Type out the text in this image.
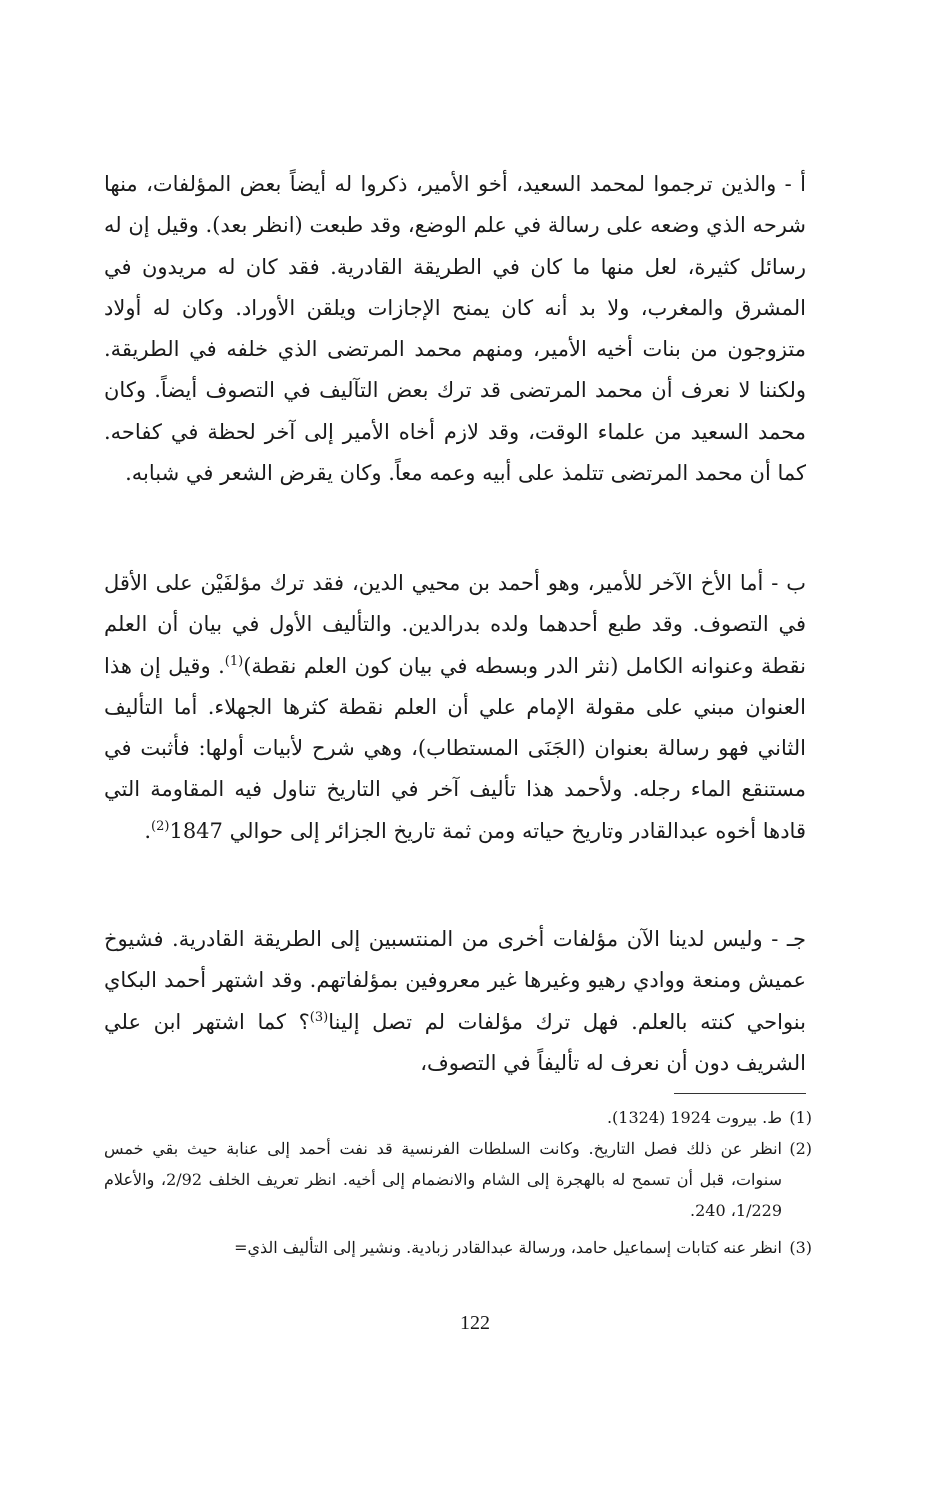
أ - والذين ترجموا لمحمد السعيد، أخو الأمير، ذكروا له أيضاً بعض المؤلفات، منها شرحه الذي وضعه على رسالة في علم الوضع، وقد طبعت (انظر بعد). وقيل إن له رسائل كثيرة، لعل منها ما كان في الطريقة القادرية. فقد كان له مريدون في المشرق والمغرب، ولا بد أنه كان يمنح الإجازات ويلقن الأوراد. وكان له أولاد متزوجون من بنات أخيه الأمير، ومنهم محمد المرتضى الذي خلفه في الطريقة. ولكننا لا نعرف أن محمد المرتضى قد ترك بعض التآليف في التصوف أيضاً. وكان محمد السعيد من علماء الوقت، وقد لازم أخاه الأمير إلى آخر لحظة في كفاحه. كما أن محمد المرتضى تتلمذ على أبيه وعمه معاً. وكان يقرض الشعر في شبابه.

ب - أما الأخ الآخر للأمير، وهو أحمد بن محيي الدين، فقد ترك مؤلفَيْن على الأقل في التصوف. وقد طبع أحدهما ولده بدرالدين. والتأليف الأول في بيان أن العلم نقطة وعنوانه الكامل (نثر الدر وبسطه في بيان كون العلم نقطة)$^{(1)}$. وقيل إن هذا العنوان مبني على مقولة الإمام علي أن العلم نقطة كثرها الجهلاء. أما التأليف الثاني فهو رسالة بعنوان (الجَنَى المستطاب)، وهي شرح لأبيات أولها: فأثبت في مستنقع الماء رجله. ولأحمد هذا تأليف آخر في التاريخ تناول فيه المقاومة التي قادها أخوه عبدالقادر وتاريخ حياته ومن ثمة تاريخ الجزائر إلى حوالي 1847$^{(2)}$.

جـ - وليس لدينا الآن مؤلفات أخرى من المنتسبين إلى الطريقة القادرية. فشيوخ عميش ومنعة ووادي رهيو وغيرها غير معروفين بمؤلفاتهم. وقد اشتهر أحمد البكاي بنواحي كنته بالعلم. فهل ترك مؤلفات لم تصل إلينا$^{(3)}$؟ كما اشتهر ابن علي الشريف دون أن نعرف له تأليفاً في التصوف،

(1)
ط. بيروت 1924 (1324).
(2)
انظر عن ذلك فصل التاريخ. وكانت السلطات الفرنسية قد نفت أحمد إلى عنابة حيث بقي خمس سنوات، قبل أن تسمح له بالهجرة إلى الشام والانضمام إلى أخيه. انظر تعريف الخلف 2/92، والأعلام 1/229، 240.
(3)
انظر عنه كتابات إسماعيل حامد، ورسالة عبدالقادر زبادية. ونشير إلى التأليف الذي=
122
